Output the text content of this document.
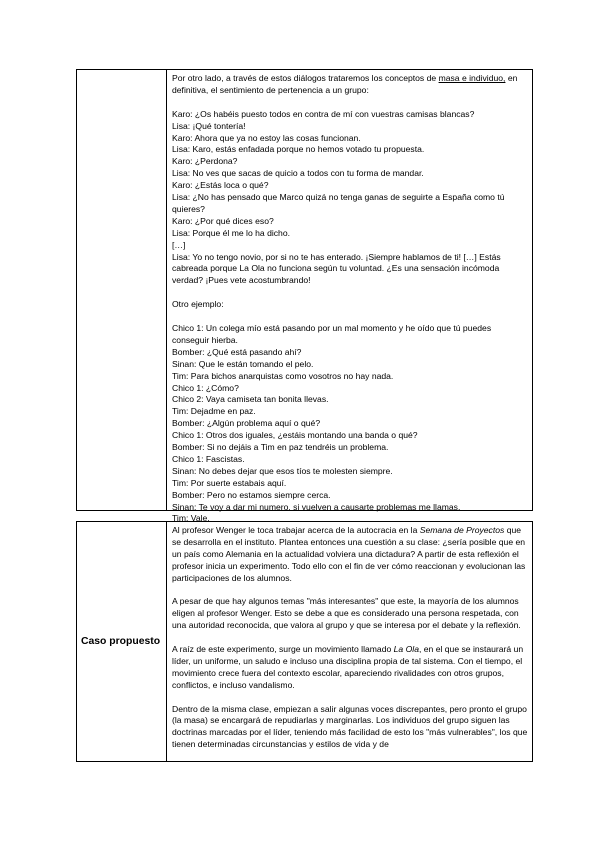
Por otro lado, a través de estos diálogos trataremos los conceptos de masa e individuo, en definitiva, el sentimiento de pertenencia a un grupo:

Karo: ¿Os habéis puesto todos en contra de mí con vuestras camisas blancas?

Lisa: ¡Qué tontería!

Karo: Ahora que ya no estoy las cosas funcionan.

Lisa: Karo, estás enfadada porque no hemos votado tu propuesta.

Karo: ¿Perdona?

Lisa: No ves que sacas de quicio a todos con tu forma de mandar.

Karo: ¿Estás loca o qué?

Lisa: ¿No has pensado que Marco quizá no tenga ganas de seguirte a España como tú quieres?

Karo: ¿Por qué dices eso?

Lisa: Porque él me lo ha dicho.

[…]

Lisa: Yo no tengo novio, por si no te has enterado. ¡Siempre hablamos de ti! […] Estás cabreada porque La Ola no funciona según tu voluntad. ¿Es una sensación incómoda verdad? ¡Pues vete acostumbrando!

Otro ejemplo:

Chico 1: Un colega mío está pasando por un mal momento y he oído que tú puedes conseguir hierba.

Bomber: ¿Qué está pasando ahí?

Sinan: Que le están tomando el pelo.

Tim: Para bichos anarquistas como vosotros no hay nada.

Chico 1: ¿Cómo?

Chico 2: Vaya camiseta tan bonita llevas.

Tim: Dejadme en paz.

Bomber: ¿Algún problema aquí o qué?

Chico 1: Otros dos iguales, ¿estáis montando una banda o qué?

Bomber: Si no dejáis a Tim en paz tendréis un problema.

Chico 1: Fascistas.

Sinan: No debes dejar que esos tíos te molesten siempre.

Tim: Por suerte estabais aquí.

Bomber: Pero no estamos siempre cerca.

Sinan: Te voy a dar mi numero, si vuelven a causarte problemas me llamas.

Tim: Vale.

Caso propuesto

Al profesor Wenger le toca trabajar acerca de la autocracia en la Semana de Proyectos que se desarrolla en el instituto. Plantea entonces una cuestión a su clase: ¿sería posible que en un país como Alemania en la actualidad volviera una dictadura? A partir de esta reflexión el profesor inicia un experimento. Todo ello con el fin de ver cómo reaccionan y evolucionan las participaciones de los alumnos.

A pesar de que hay algunos temas "más interesantes" que este, la mayoría de los alumnos eligen al profesor Wenger. Esto se debe a que es considerado una persona respetada, con una autoridad reconocida, que valora al grupo y que se interesa por el debate y la reflexión.

A raíz de este experimento, surge un movimiento llamado La Ola, en el que se instaurará un líder, un uniforme, un saludo e incluso una disciplina propia de tal sistema. Con el tiempo, el movimiento crece fuera del contexto escolar, apareciendo rivalidades con otros grupos, conflictos, e incluso vandalismo.

Dentro de la misma clase, empiezan a salir algunas voces discrepantes, pero pronto el grupo (la masa) se encargará de repudiarlas y marginarlas. Los individuos del grupo siguen las doctrinas marcadas por el líder, teniendo más facilidad de esto los "más vulnerables", los que tienen determinadas circunstancias y estilos de vida y de
